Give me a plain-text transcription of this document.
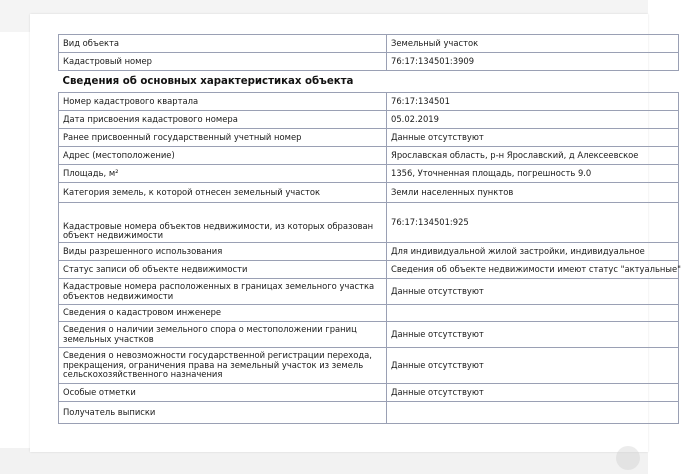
Вид объекта	Земельный участок
Кадастровый номер	76:17:134501:3909
Сведения об основных характеристиках объекта	
Номер кадастрового квартала	76:17:134501
Дата присвоения кадастрового номера	05.02.2019
Ранее присвоенный государственный учетный номер	Данные отсутствуют
Адрес (местоположение)	Ярославская область, р-н Ярославский, д Алексеевское
Площадь, м²	1356, Уточненная площадь, погрешность 9.0
Категория земель, к которой отнесен земельный участок	Земли населенных пунктов
Кадастровые номера объектов недвижимости, из которых образован объект недвижимости	76:17:134501:925
Виды разрешенного использования	Для индивидуальной жилой застройки, индивидуальное
Статус записи об объекте недвижимости	Сведения об объекте недвижимости имеют статус "актуальные"
Кадастровые номера расположенных в границах земельного участка объектов недвижимости	Данные отсутствуют
Сведения о кадастровом инженере	
Сведения о наличии земельного спора о местоположении границ земельных участков	Данные отсутствуют
Сведения о невозможности государственной регистрации перехода, прекращения, ограничения права на земельный участок из земель сельскохозяйственного назначения	Данные отсутствуют
Особые отметки	Данные отсутствуют
Получатель выписки	
